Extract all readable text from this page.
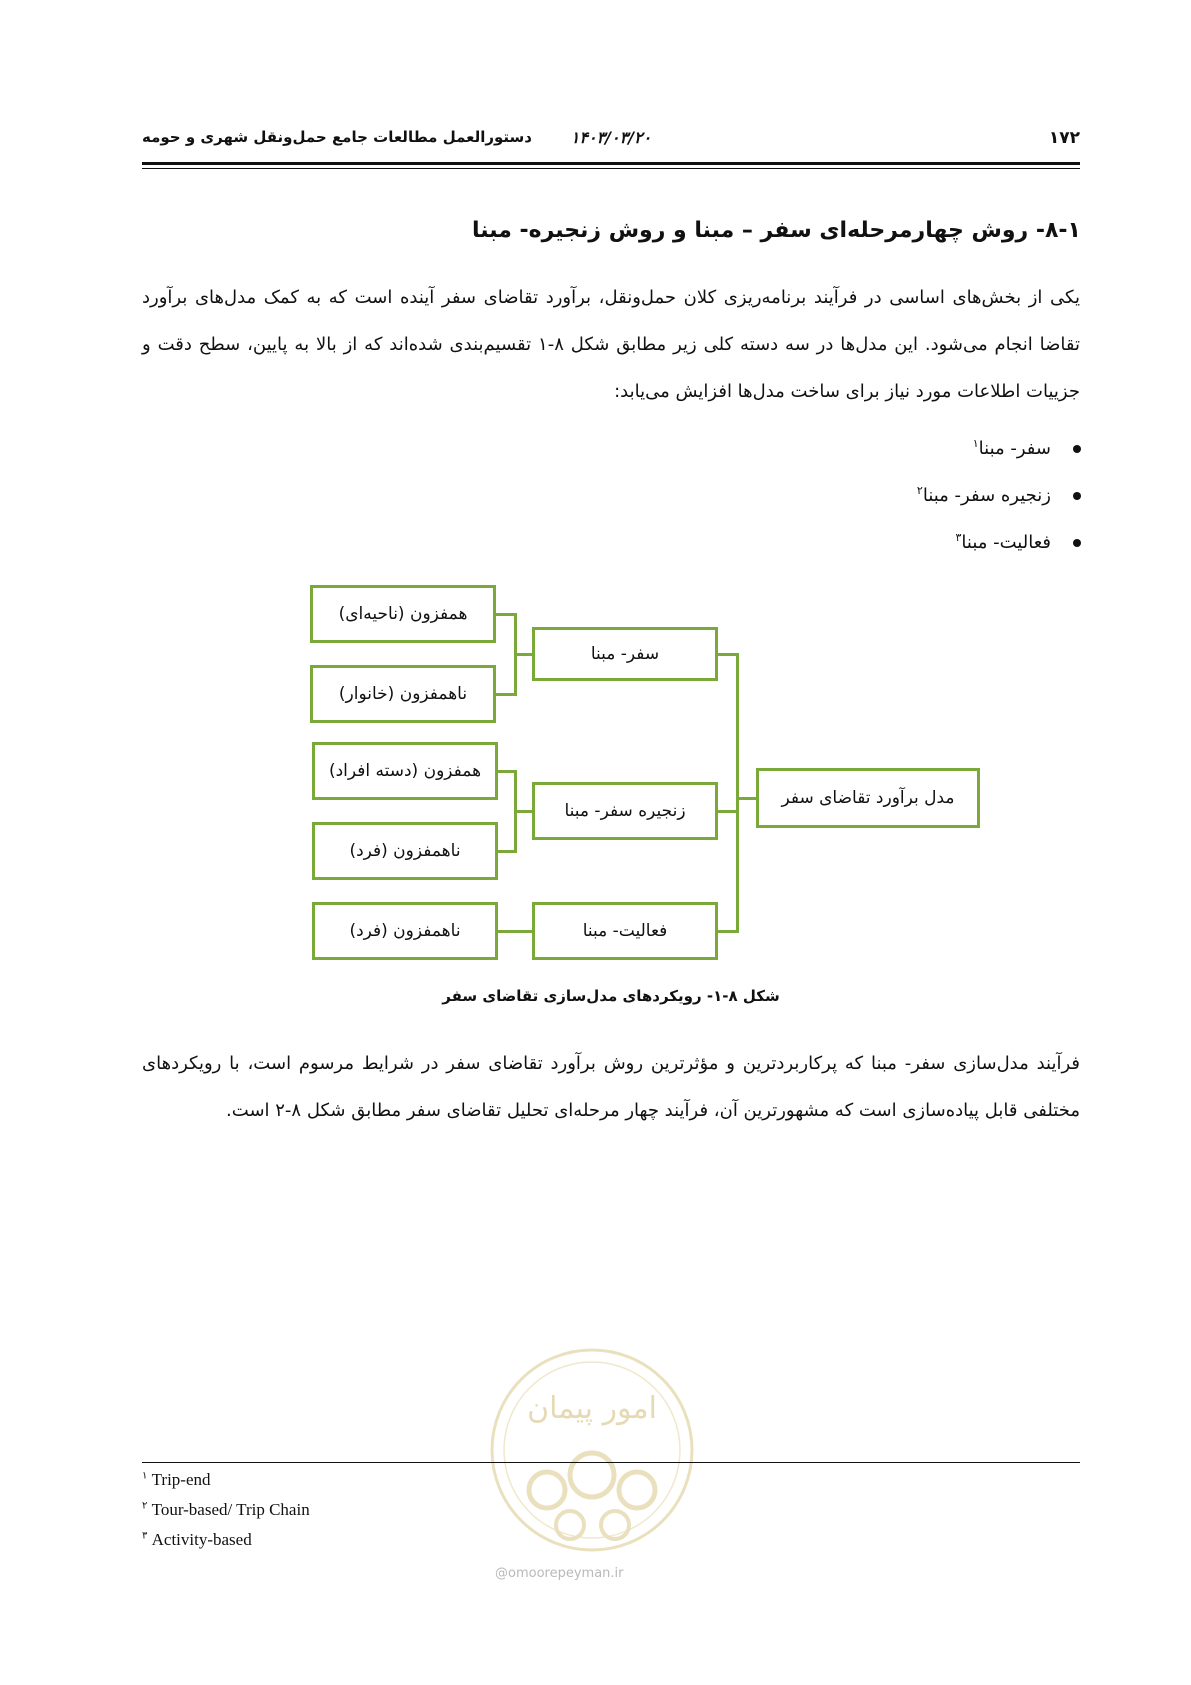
۱۷۲
۱۴۰۳/۰۳/۲۰
دستورالعمل مطالعات جامع حمل‌ونقل شهری و حومه
۸-۱- روش چهارمرحله‌ای سفر – مبنا و روش زنجیره- مبنا
یکی از بخش‌های اساسی در فرآیند برنامه‌ریزی کلان حمل‌ونقل، برآورد تقاضای سفر آینده است که به کمک مدل‌های برآورد تقاضا انجام می‌شود. این مدل‌ها در سه دسته کلی زیر مطابق شکل ۸-۱ تقسیم‌بندی شده‌اند که از بالا به پایین، سطح دقت و جزییات اطلاعات مورد نیاز برای ساخت مدل‌ها افزایش می‌یابد:
سفر- مبنا$^۱$
زنجیره سفر- مبنا$^۲$
فعالیت- مبنا$^۳$
همفزون (ناحیه‌ای)
ناهمفزون (خانوار)
همفزون (دسته افراد)
ناهمفزون (فرد)
ناهمفزون (فرد)
سفر- مبنا
زنجیره سفر- مبنا
فعالیت- مبنا
مدل برآورد تقاضای سفر
شکل ۸-۱- رویکردهای مدل‌سازی تقاضای سفر
فرآیند مدل‌سازی سفر- مبنا که پرکاربردترین و مؤثرترین روش برآورد تقاضای سفر در شرایط مرسوم است، با رویکردهای مختلفی قابل پیاده‌سازی است که مشهورترین آن، فرآیند چهار مرحله‌ای تحلیل تقاضای سفر مطابق شکل ۸-۲ است.
امور پیمان
@omoorepeyman.ir
$^۱$ Trip-end
$^۲$ Tour-based/ Trip Chain
$^۳$ Activity-based
